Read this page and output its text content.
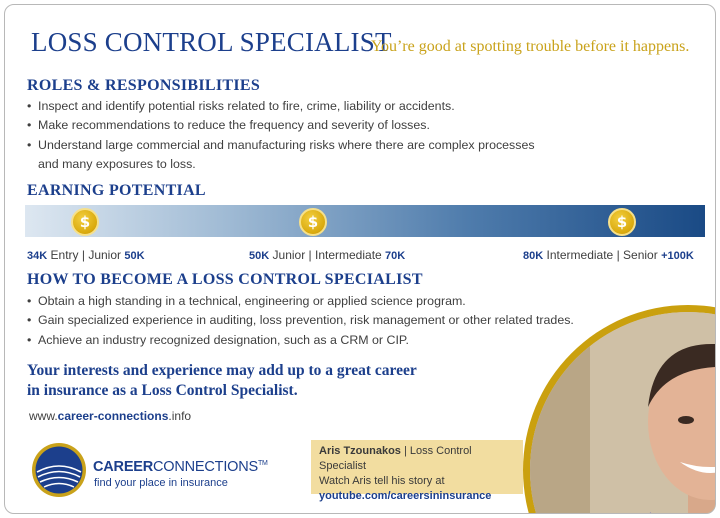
LOSS CONTROL SPECIALIST
You’re good at spotting trouble before it happens.
ROLES & RESPONSIBILITIES
• Inspect and identify potential risks related to fire, crime, liability or accidents.
• Make recommendations to reduce the frequency and severity of losses.
• Understand large commercial and manufacturing risks where there are complex processes
and many exposures to loss.
EARNING POTENTIAL
$	$	$
34K Entry | Junior 50K	50K Junior | Intermediate 70K	80K Intermediate | Senior +100K
HOW TO BECOME A LOSS CONTROL SPECIALIST
• Obtain a high standing in a technical, engineering or applied science program.
• Gain specialized experience in auditing, loss prevention, risk management or other related trades.
• Achieve an industry recognized designation, such as a CRM or CIP.
Your interests and experience may add up to a great career
in insurance as a Loss Control Specialist.
www.career-connections.info
CAREERCONNECTIONS™
find your place in insurance
Aris Tzounakos | Loss Control Specialist
Watch Aris tell his story at
youtube.com/careersininsurance
